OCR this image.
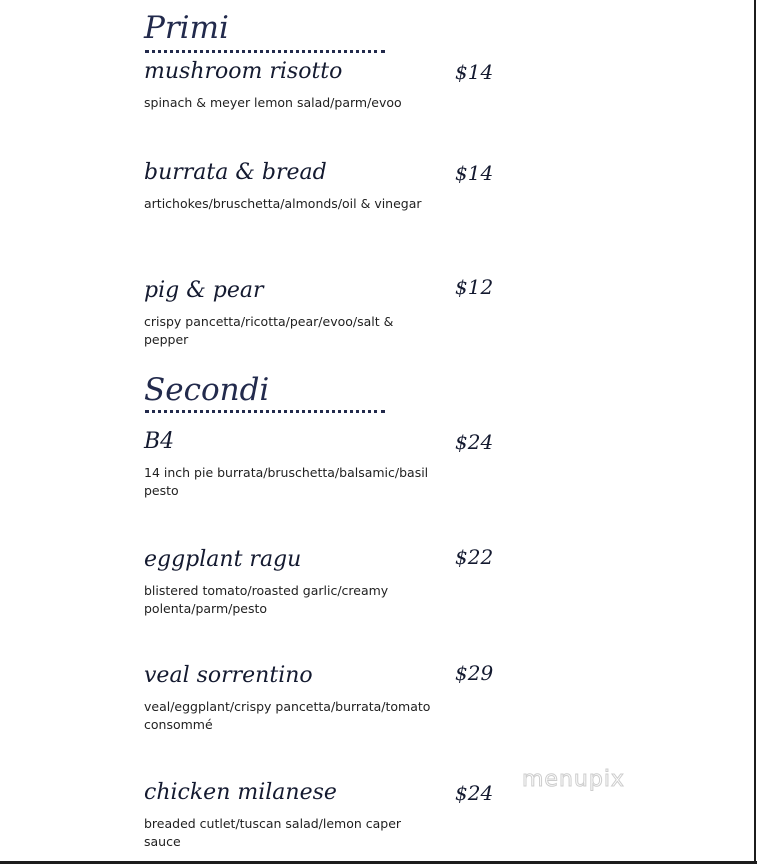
Primi
mushroom risotto	$14
spinach & meyer lemon salad/parm/evoo
burrata & bread	$14
artichokes/bruschetta/almonds/oil & vinegar
pig & pear	$12
crispy pancetta/ricotta/pear/evoo/salt & pepper
Secondi
B4	$24
14 inch pie burrata/bruschetta/balsamic/basil pesto
eggplant ragu	$22
blistered tomato/roasted garlic/creamy polenta/parm/pesto
veal sorrentino	$29
veal/eggplant/crispy pancetta/burrata/tomato consommé
chicken milanese	$24
breaded cutlet/tuscan salad/lemon caper sauce
menupix
